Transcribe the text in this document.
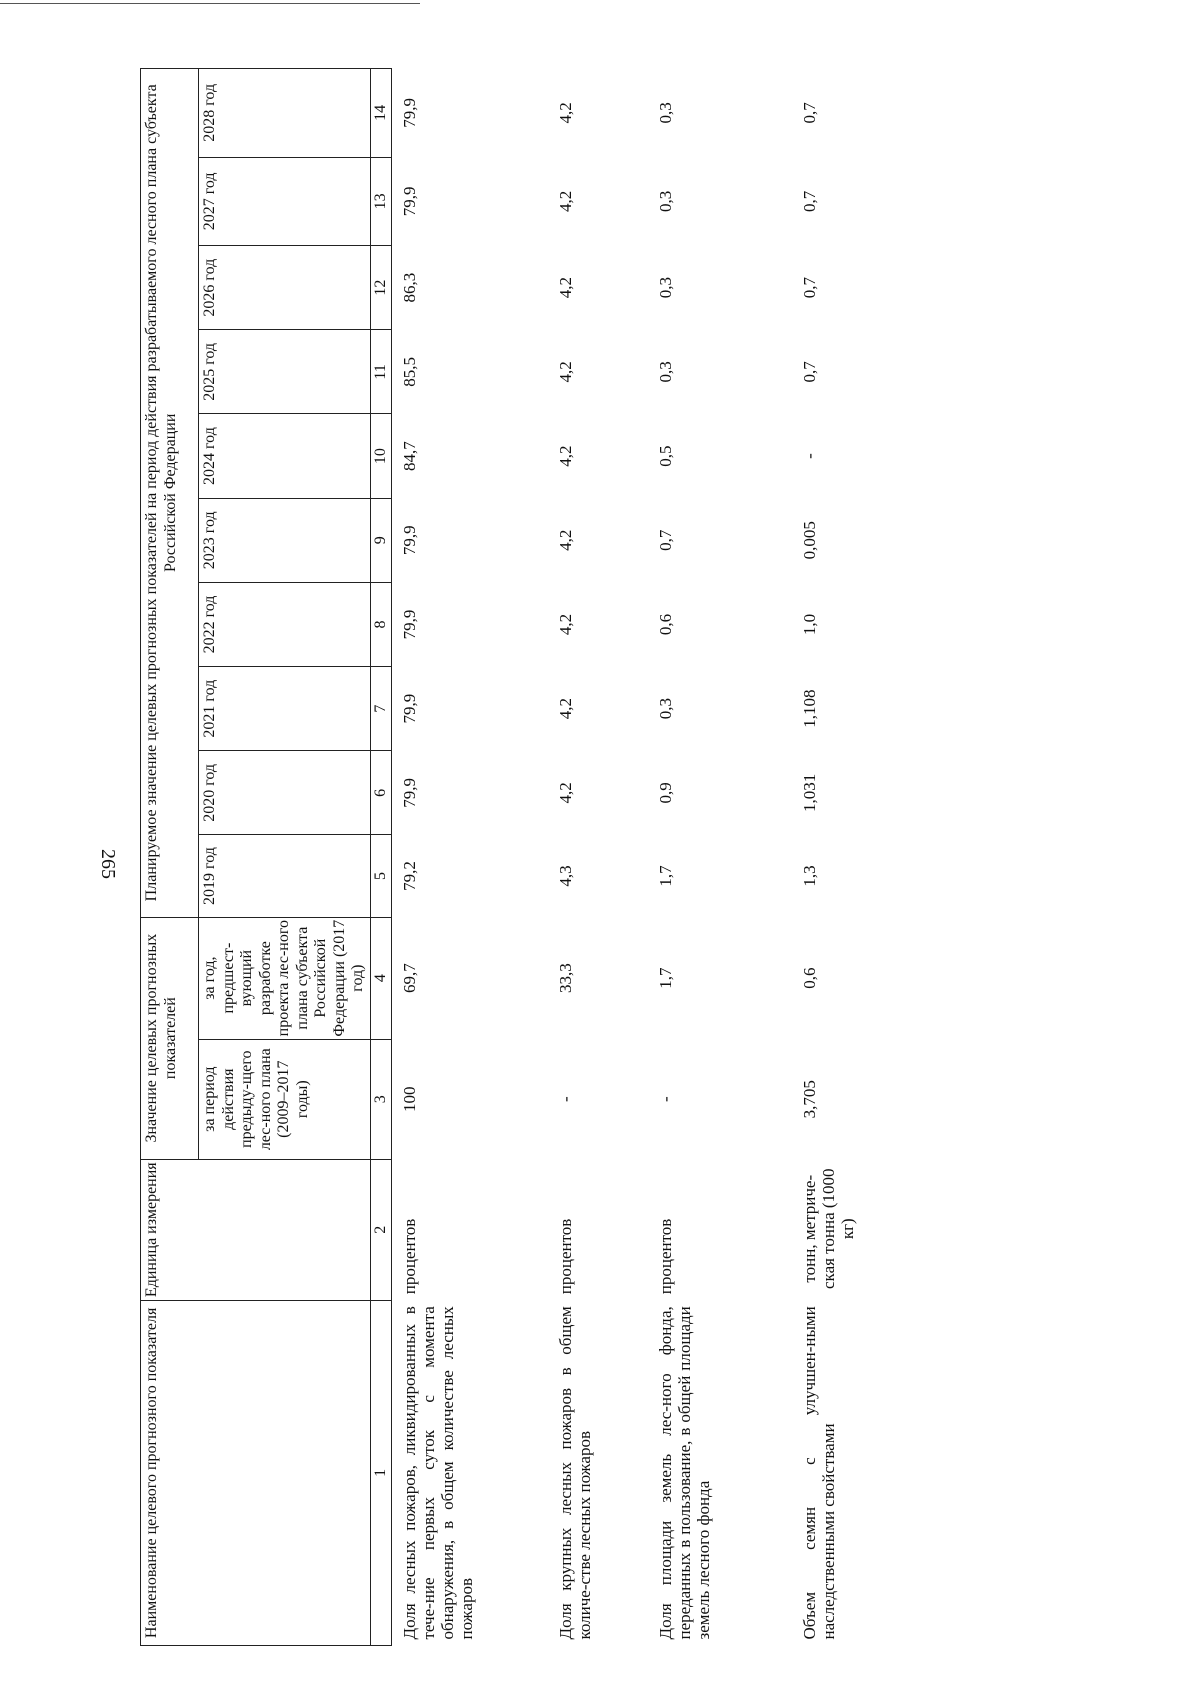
265
Наименование целевого прогнозного показателя	Единица измерения	Значение целевых прогнозных показателей		Планируемое значение целевых прогнозных показателей на период действия разрабатываемого лесного плана субъекта Российской Федерации									
		за период действия предыду-щего лес-ного плана (2009–2017 годы)	за год, предшест-вующий разработке проекта лес-ного плана субъекта Российской Федерации (2017 год)	2019 год	2020 год	2021 год	2022 год	2023 год	2024 год	2025 год	2026 год	2027 год	2028 год
1	2	3	4	5	6	7	8	9	10	11	12	13	14
Доля лесных пожаров, ликвидированных в тече-ние первых суток с момента обнаружения, в общем количестве лесных пожаров	процентов	100	69,7	79,2	79,9	79,9	79,9	79,9	84,7	85,5	86,3	79,9	79,9
Доля крупных лесных пожаров в общем количе-стве лесных пожаров	процентов	-	33,3	4,3	4,2	4,2	4,2	4,2	4,2	4,2	4,2	4,2	4,2
Доля площади земель лес-ного фонда, переданных в пользование, в общей площади земель лесного фонда	процентов	-	1,7	1,7	0,9	0,3	0,6	0,7	0,5	0,3	0,3	0,3	0,3
Объем семян с улучшен-ными наследственными свойствами	тонн, метриче-ская тонна (1000 кг)	3,705	0,6	1,3	1,031	1,108	1,0	0,005	-	0,7	0,7	0,7	0,7
